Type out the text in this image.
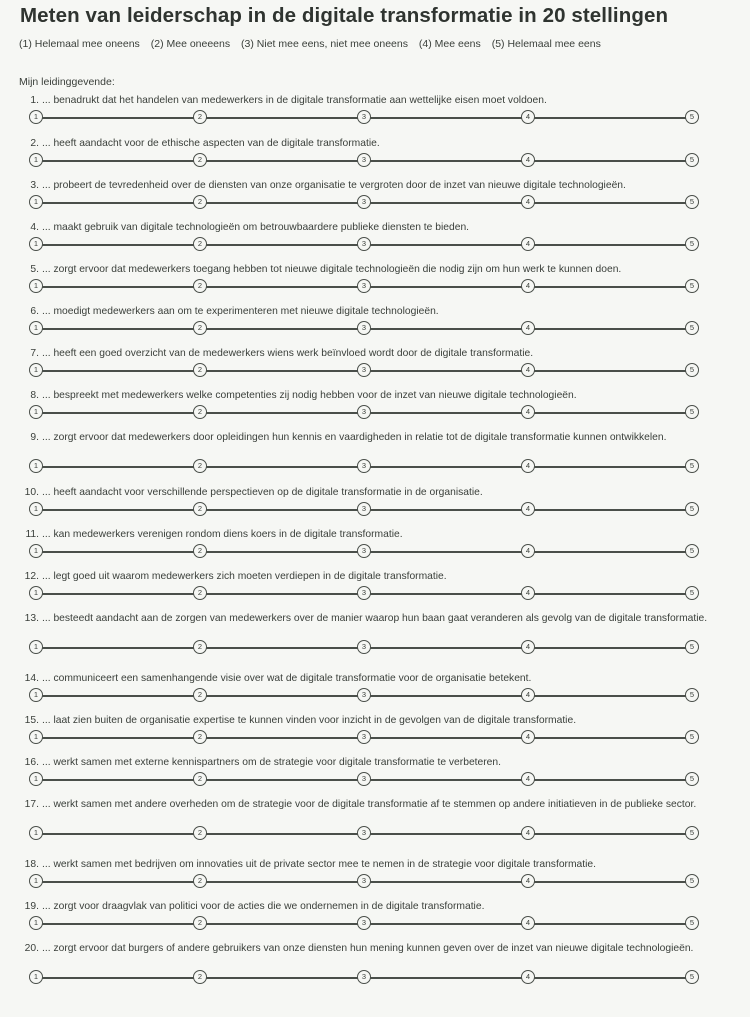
Meten van leiderschap in de digitale transformatie in 20 stellingen
(1) Helemaal mee oneens (2) Mee oneeens (3) Niet mee eens, niet mee oneens (4) Mee eens (5) Helemaal mee eens
Mijn leidinggevende:
1. ... benadrukt dat het handelen van medewerkers in de digitale transformatie aan wettelijke eisen moet voldoen.
1	2	3	4	5
2. ... heeft aandacht voor de ethische aspecten van de digitale transformatie.
1	2	3	4	5
3. ... probeert de tevredenheid over de diensten van onze organisatie te vergroten door de inzet van nieuwe digitale technologieën.
1	2	3	4	5
4. ... maakt gebruik van digitale technologieën om betrouwbaardere publieke diensten te bieden.
1	2	3	4	5
5. ... zorgt ervoor dat medewerkers toegang hebben tot nieuwe digitale technologieën die nodig zijn om hun werk te kunnen doen.
1	2	3	4	5
6. ... moedigt medewerkers aan om te experimenteren met nieuwe digitale technologieën.
1	2	3	4	5
7. ... heeft een goed overzicht van de medewerkers wiens werk beïnvloed wordt door de digitale transformatie.
1	2	3	4	5
8. ... bespreekt met medewerkers welke competenties zij nodig hebben voor de inzet van nieuwe digitale technologieën.
1	2	3	4	5
9. ... zorgt ervoor dat medewerkers door opleidingen hun kennis en vaardigheden in relatie tot de digitale transformatie kunnen ontwikkelen.
1	2	3	4	5
10. ... heeft aandacht voor verschillende perspectieven op de digitale transformatie in de organisatie.
1	2	3	4	5
11. ... kan medewerkers verenigen rondom diens koers in de digitale transformatie.
1	2	3	4	5
12. ... legt goed uit waarom medewerkers zich moeten verdiepen in de digitale transformatie.
1	2	3	4	5
13. ... besteedt aandacht aan de zorgen van medewerkers over de manier waarop hun baan gaat veranderen als gevolg van de digitale transformatie.
1	2	3	4	5
14. ... communiceert een samenhangende visie over wat de digitale transformatie voor de organisatie betekent.
1	2	3	4	5
15. ... laat zien buiten de organisatie expertise te kunnen vinden voor inzicht in de gevolgen van de digitale transformatie.
1	2	3	4	5
16. ... werkt samen met externe kennispartners om de strategie voor digitale transformatie te verbeteren.
1	2	3	4	5
17. ... werkt samen met andere overheden om de strategie voor de digitale transformatie af te stemmen op andere initiatieven in de publieke sector.
1	2	3	4	5
18. ... werkt samen met bedrijven om innovaties uit de private sector mee te nemen in de strategie voor digitale transformatie.
1	2	3	4	5
19. ... zorgt voor draagvlak van politici voor de acties die we ondernemen in de digitale transformatie.
1	2	3	4	5
20. ... zorgt ervoor dat burgers of andere gebruikers van onze diensten hun mening kunnen geven over de inzet van nieuwe digitale technologieën.
1	2	3	4	5
